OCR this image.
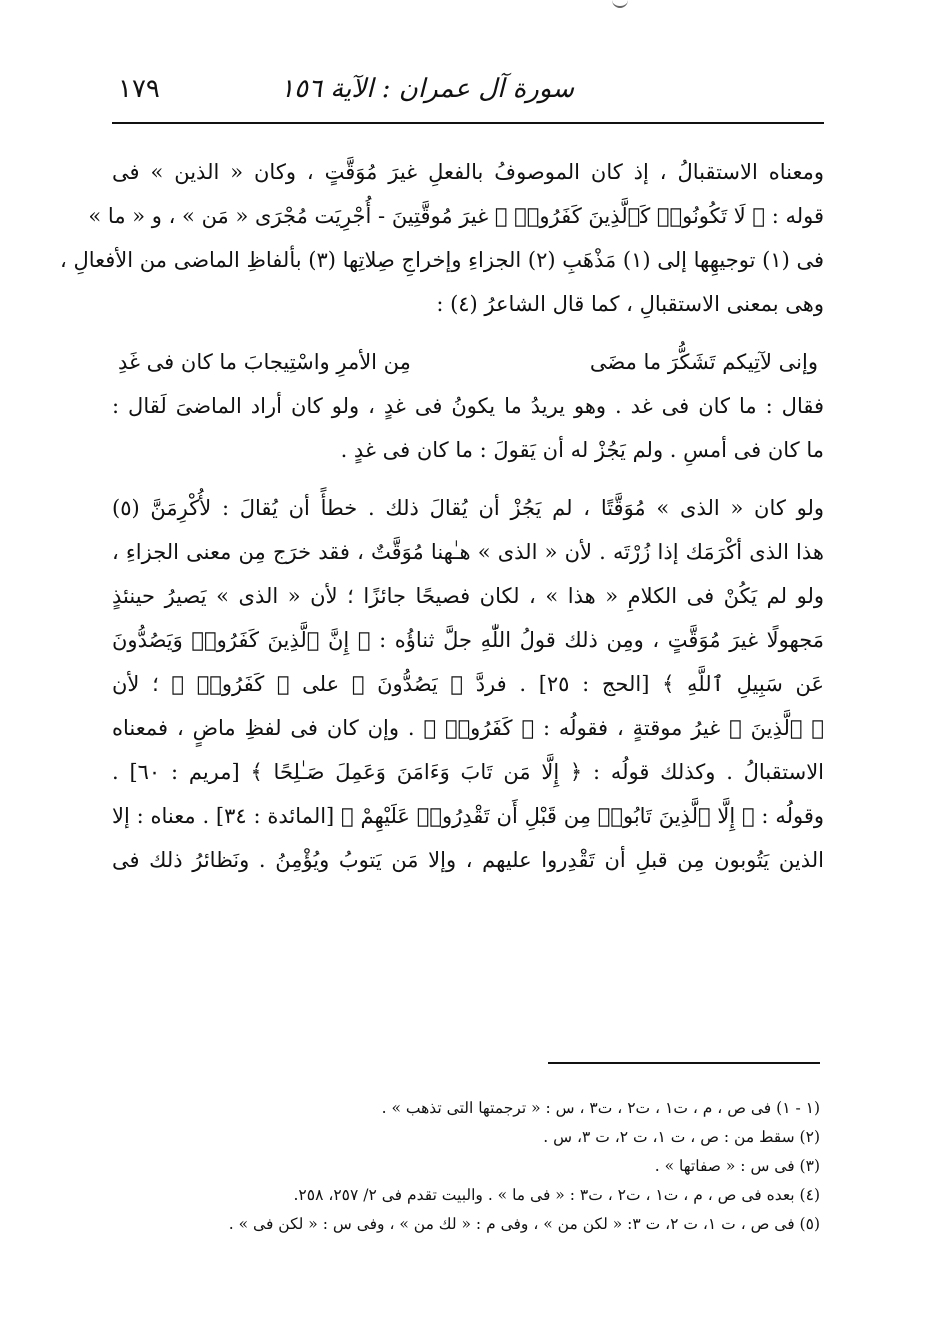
سورة آل عمران : الآية ١٥٦
١٧٩
ومعناه الاستقبالُ ، إذ كان الموصوفُ بالفعلِ غيرَ مُوَقَّتٍ ، وكان « الذين » فى
قوله : ﴿ لَا تَكُونُوا۟ كَٱلَّذِينَ كَفَرُوا۟ ﴾ غيرَ مُوقَّتِينَ - أُجْرِيَت مُجْرَى « مَن » ، و « ما »
فى (١) توجيهِها إلى (١) مَذْهَبِ (٢) الجزاءِ وإخراجِ صِلاتِها (٣) بألفاظِ الماضى من الأفعالِ ،
وهى بمعنى الاستقبالِ ، كما قال الشاعرُ (٤) :
وإنى لآتِيكم تَشَكُّرَ ما مضَى
مِن الأمرِ واسْتِيجابَ ما كان فى غَدِ
فقال : ما كان فى غد . وهو يريدُ ما يكونُ فى غدٍ ، ولو كان أراد الماضىَ لَقال :
ما كان فى أمسِ . ولم يَجُزْ له أن يَقولَ : ما كان فى غدٍ .
ولو كان « الذى » مُوَقَّتًا ، لم يَجُزْ أن يُقالَ ذلك . خطأً أن يُقالَ : لأُكْرِمَنَّ (٥)
هذا الذى أكْرَمَك إذا زُرْتَه . لأن « الذى » هـٰهنا مُوَقَّتٌ ، فقد خرَج مِن معنى الجزاءِ ،
ولو لم يَكُنْ فى الكلامِ « هذا » ، لكان فصيحًا جائزًا ؛ لأن « الذى » يَصيرُ حينئذٍ
مَجهولًا غيرَ مُوَقَّتٍ ، ومِن ذلك قولُ اللّٰهِ جلَّ ثناؤُه : ﴿ إِنَّ ٱلَّذِينَ كَفَرُوا۟ وَيَصُدُّونَ
عَن سَبِيلِ ٱللَّهِ ﴾ [الحج : ٢٥] . فردَّ ﴿ يَصُدُّونَ ﴾ على ﴿ كَفَرُوا۟ ﴾ ؛ لأن
﴿ ٱلَّذِينَ ﴾ غيرُ موقتةٍ ، فقولُه : ﴿ كَفَرُوا۟ ﴾ . وإن كان فى لفظِ ماضٍ ، فمعناه
الاستقبالُ . وكذلك قولُه : ﴿ إِلَّا مَن تَابَ وَءَامَنَ وَعَمِلَ صَـٰلِحًا ﴾ [مريم : ٦٠] .
وقولُه : ﴿ إِلَّا ٱلَّذِينَ تَابُوا۟ مِن قَبْلِ أَن تَقْدِرُوا۟ عَلَيْهِمْ ﴾ [المائدة : ٣٤] . معناه : إلا
الذين يَتُوبون مِن قبلِ أن تَقْدِروا عليهم ، وإلا مَن يَتوبُ ويُؤْمِنُ . ونَظائرُ ذلك فى
(١ - ١) فى ص ، م ، ت١ ، ت٢ ، ت٣ ، س : « ترجمتها التى تذهب » .
(٢) سقط من : ص ، ت ١، ت ٢، ت ٣، س .
(٣) فى س : « صفاتها » .
(٤) بعده فى ص ، م ، ت١ ، ت٢ ، ت٣ : « فى ما » . والبيت تقدم فى ٢/ ٢٥٧، ٢٥٨.
(٥) فى ص ، ت ١، ت ٢، ت ٣: « لكن من » ، وفى م : « لك من » ، وفى س : « لكن فى » .
